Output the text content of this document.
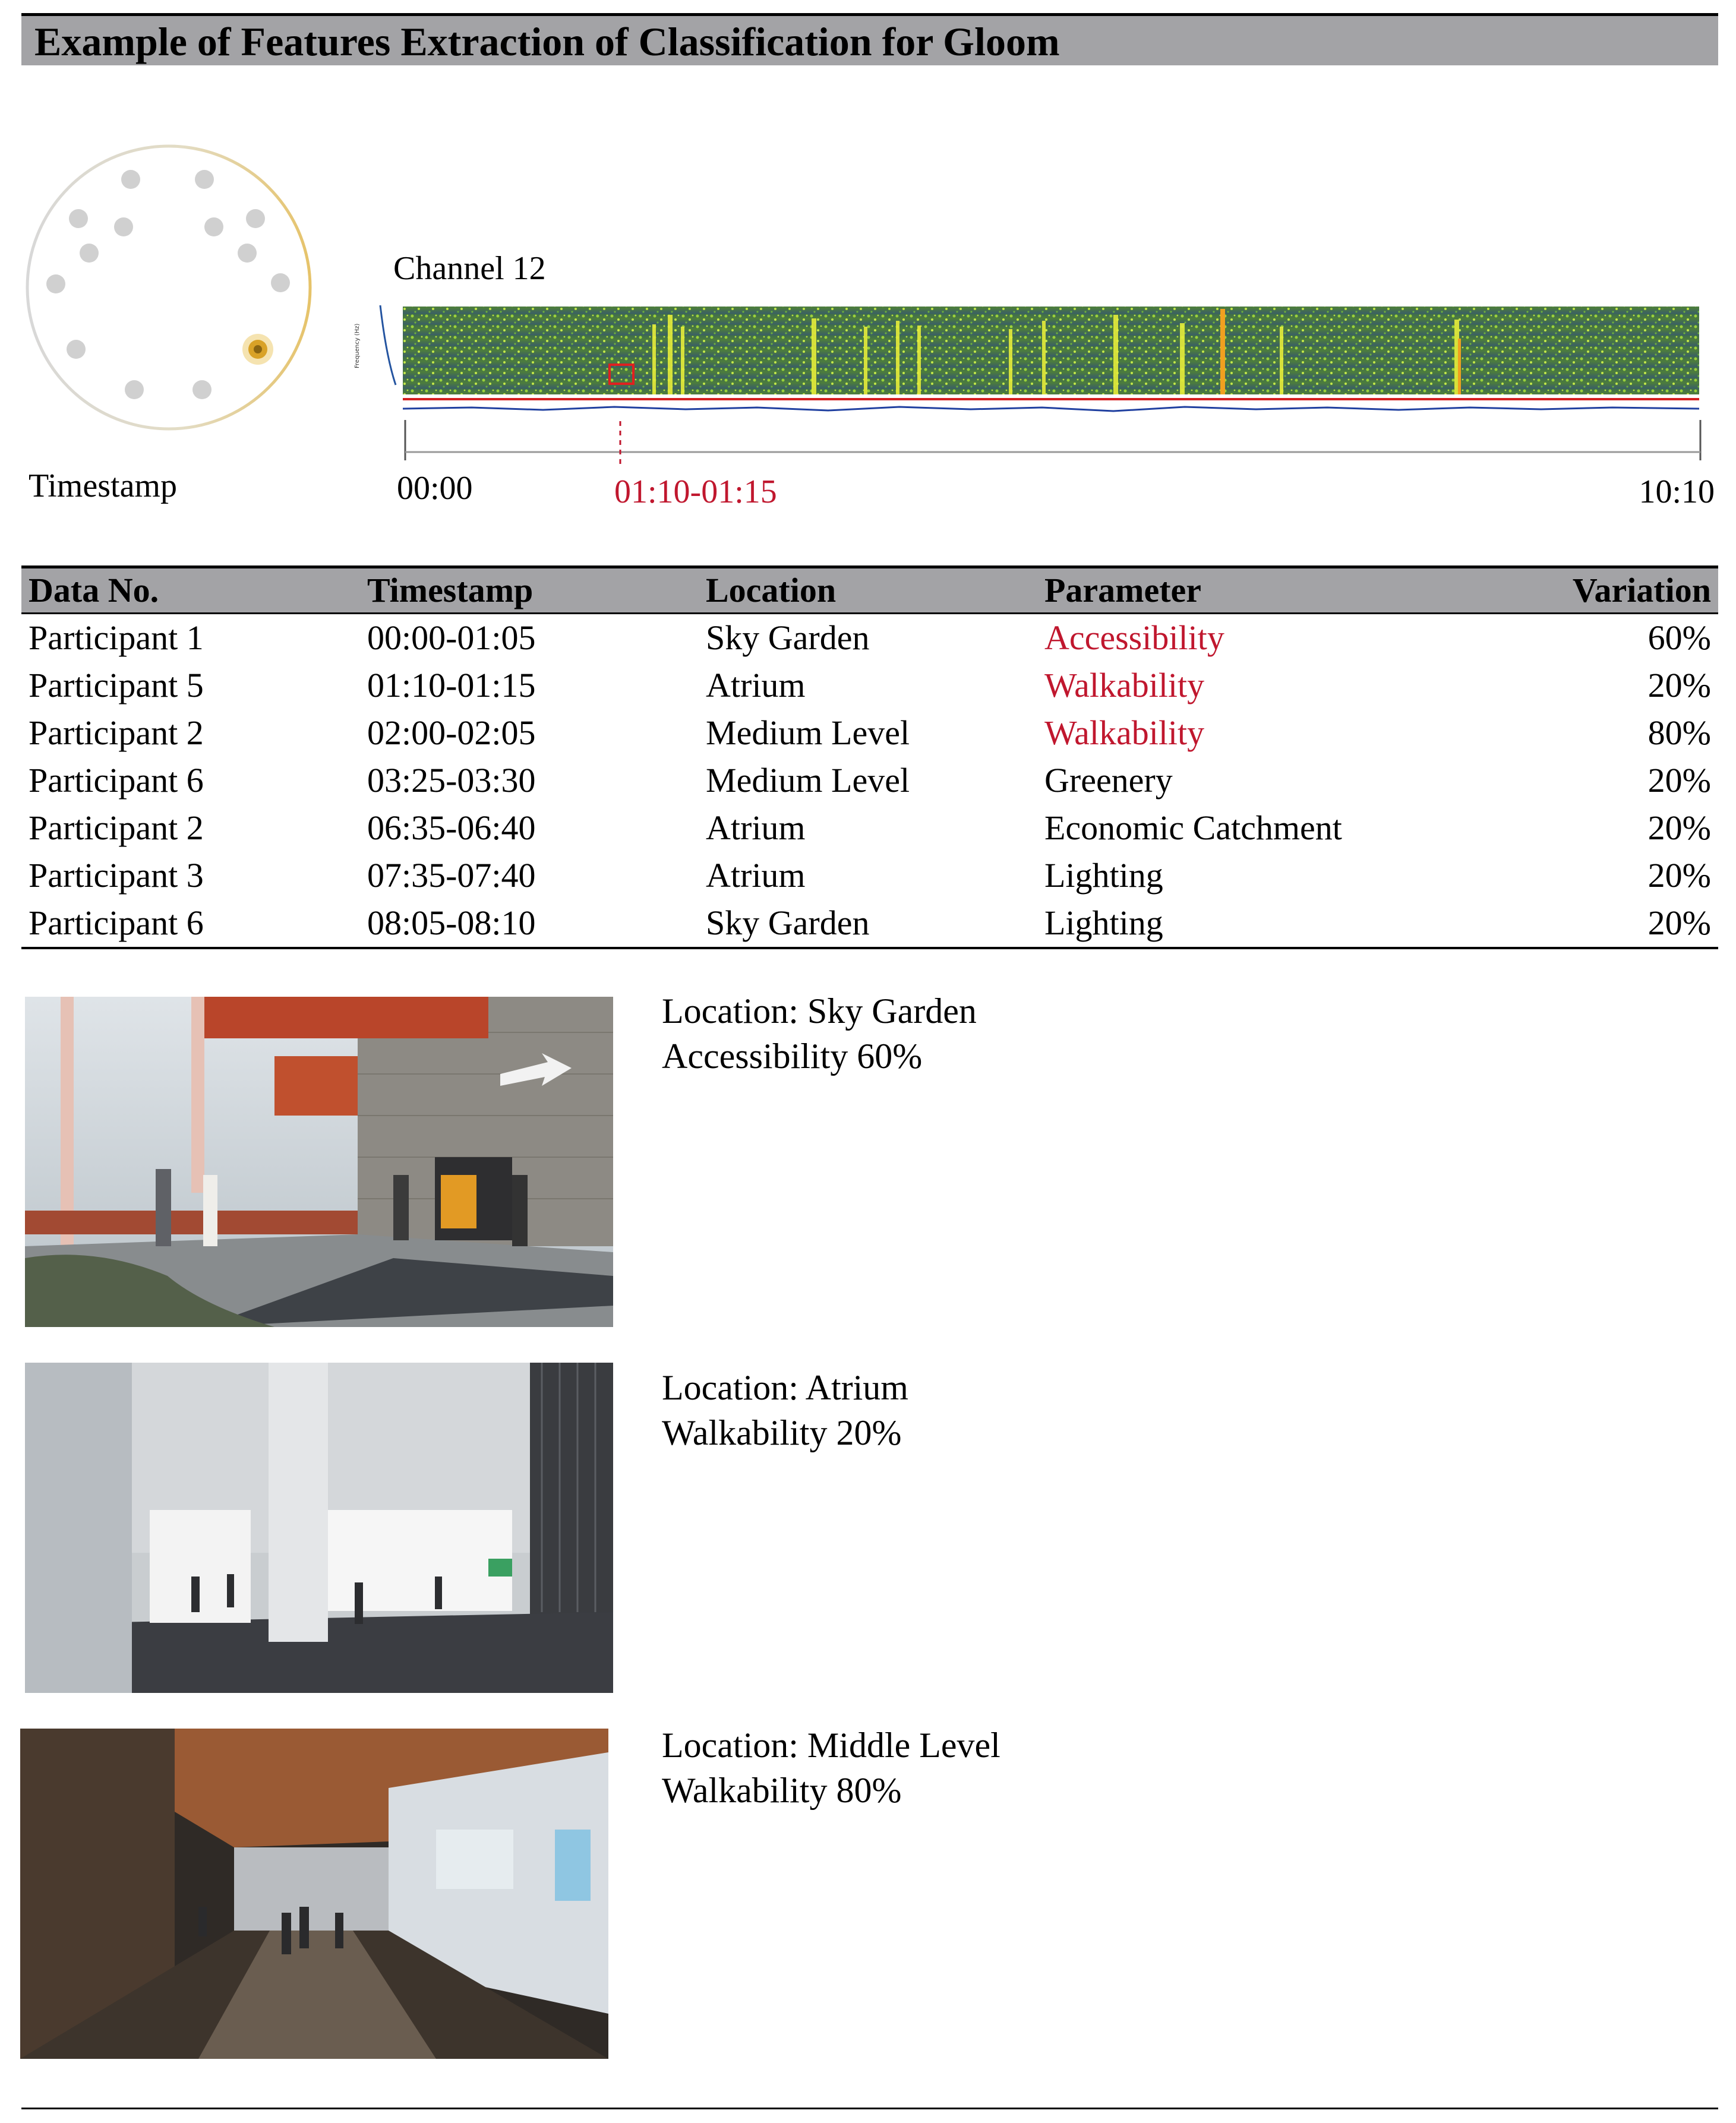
Example of Features Extraction of Classification for Gloom
Channel 12
Timestamp
Frequency (Hz)
00:00	01:10-01:15	10:10
Data No.	Timestamp	Location	Parameter	Variation
Participant 1	00:00-01:05	Sky Garden	Accessibility	60%
Participant 5	01:10-01:15	Atrium	Walkability	20%
Participant 2	02:00-02:05	Medium Level	Walkability	80%
Participant 6	03:25-03:30	Medium Level	Greenery	20%
Participant 2	06:35-06:40	Atrium	Economic Catchment	20%
Participant 3	07:35-07:40	Atrium	Lighting	20%
Participant 6	08:05-08:10	Sky Garden	Lighting	20%
Location: Sky Garden
Accessibility 60%
Location: Atrium
Walkability 20%
Location: Middle Level
Walkability 80%
